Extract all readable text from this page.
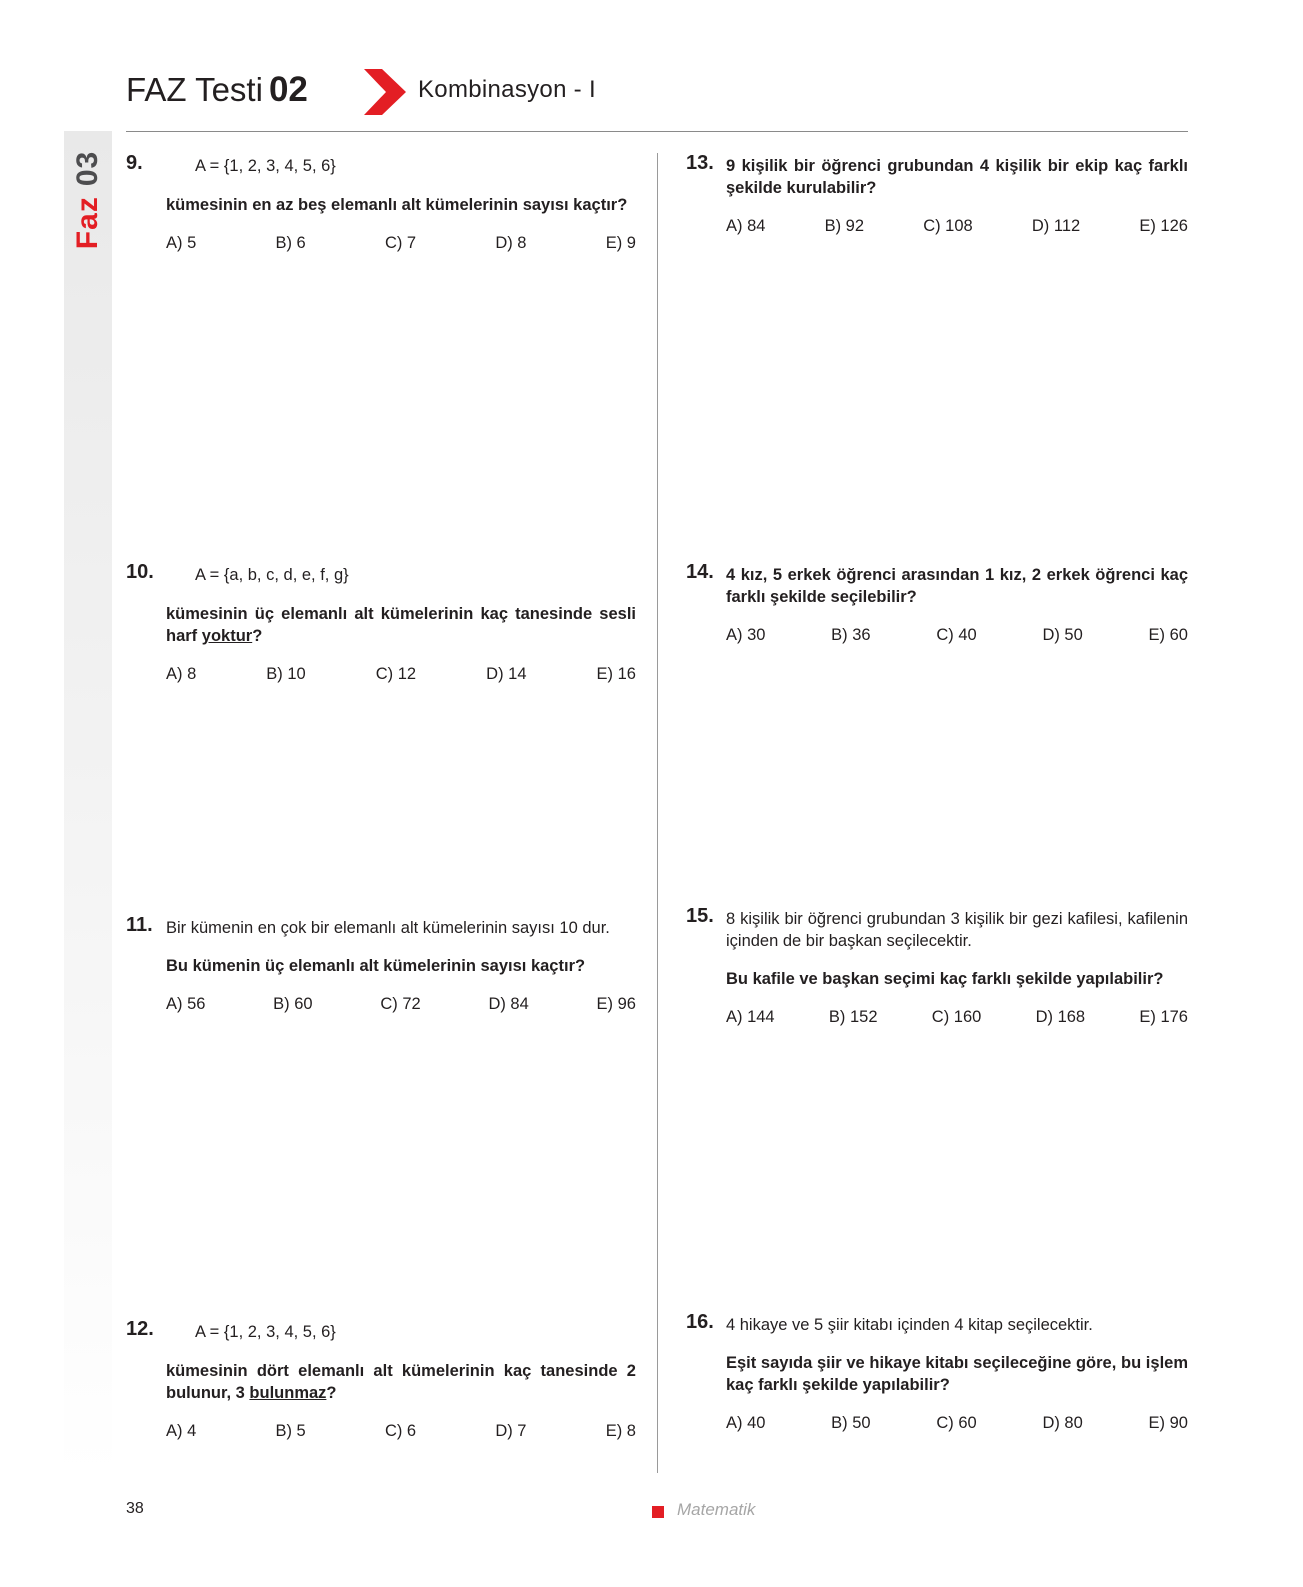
FAZ Testi 02	Kombinasyon - I
Faz03 9.	A = {1, 2, 3, 4, 5, 6}
kümesinin en az beş elemanlı alt kümelerinin sayısı kaçtır?
A) 5	B) 6	C) 7	D) 8	E) 9
10. A = {a, b, c, d, e, f, g}
kümesinin üç elemanlı alt kümelerinin kaç tanesinde sesli harf yoktur?
A) 8	B) 10	C) 12	D) 14	E) 16
11. Bir kümenin en çok bir elemanlı alt kümelerinin sayısı 10 dur.
Bu kümenin üç elemanlı alt kümelerinin sayısı kaçtır?
A) 56	B) 60	C) 72	D) 84	E) 96
12. A = {1, 2, 3, 4, 5, 6}
kümesinin dört elemanlı alt kümelerinin kaç tanesinde 2 bulunur, 3 bulunmaz?
A) 4	B) 5	C) 6	D) 7	E) 8
13. 9 kişilik bir öğrenci grubundan 4 kişilik bir ekip kaç farklı şekilde kurulabilir?
A) 84	B) 92	C) 108	D) 112	E) 126
14. 4 kız, 5 erkek öğrenci arasından 1 kız, 2 erkek öğrenci kaç farklı şekilde seçilebilir?
A) 30	B) 36	C) 40	D) 50	E) 60
15. 8 kişilik bir öğrenci grubundan 3 kişilik bir gezi kafilesi, kafilenin içinden de bir başkan seçilecektir.
Bu kafile ve başkan seçimi kaç farklı şekilde yapılabilir?
A) 144	B) 152	C) 160	D) 168	E) 176
16. 4 hikaye ve 5 şiir kitabı içinden 4 kitap seçilecektir.
Eşit sayıda şiir ve hikaye kitabı seçileceğine göre, bu işlem kaç farklı şekilde yapılabilir?
A) 40	B) 50	C) 60	D) 80	E) 90
38	Matematik
